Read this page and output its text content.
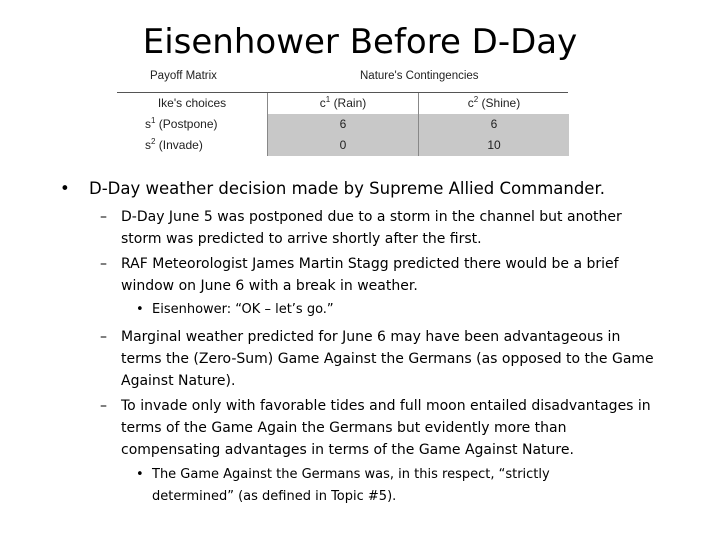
Eisenhower Before D-Day
Payoff Matrix	Nature's Contingencies
Ike's choices	$c^1$ (Rain)	$c^2$ (Shine)
$s^1$ (Postpone)	6	6
$s^2$ (Invade)	0	10
• D-Day weather decision made by Supreme Allied Commander.
– D-Day June 5 was postponed due to a storm in the channel but another
storm was predicted to arrive shortly after the first.
– RAF Meteorologist James Martin Stagg predicted there would be a brief
window on June 6 with a break in weather.
• Eisenhower: “OK – let’s go.”
– Marginal weather predicted for June 6 may have been advantageous in
terms the (Zero-Sum) Game Against the Germans (as opposed to the Game
Against Nature).
– To invade only with favorable tides and full moon entailed disadvantages in
terms of the Game Again the Germans but evidently more than
compensating advantages in terms of the Game Against Nature.
• The Game Against the Germans was, in this respect, “strictly
determined” (as defined in Topic #5).
